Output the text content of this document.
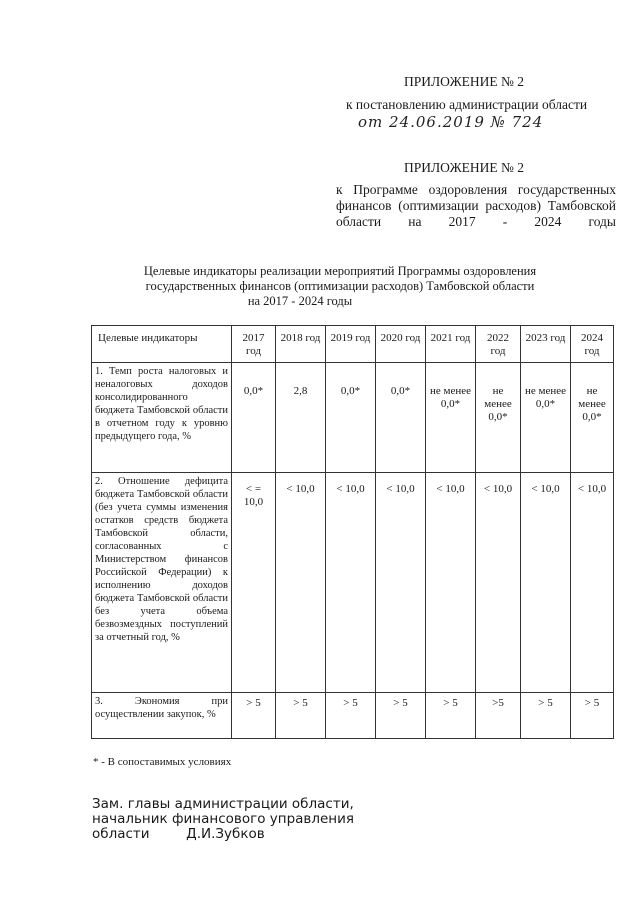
ПРИЛОЖЕНИЕ № 2
к постановлению администрации области
от 24.06.2019 № 724
ПРИЛОЖЕНИЕ № 2
к Программе оздоровления государственных финансов (оптимизации расходов) Тамбовской области на 2017 - 2024 годы
Целевые индикаторы реализации мероприятий Программы оздоровления
государственных финансов (оптимизации расходов) Тамбовской области
на 2017 - 2024 годы
Целевые индикаторы	2017 год	2018 год	2019 год	2020 год	2021 год	2022 год	2023 год	2024 год
1. Темп роста налоговых и неналоговых доходов консолидированного бюджета Тамбовской области в отчетном году к уровню предыдущего года, %	0,0*	2,8	0,0*	0,0*	не менее 0,0*	не менее 0,0*	не менее 0,0*	не менее 0,0*
2. Отношение дефицита бюджета Тамбовской области (без учета суммы изменения остатков средств бюджета Тамбовской области, согласованных с Министерством финансов Российской Федерации) к исполнению доходов бюджета Тамбовской области без учета объема безвозмездных поступлений за отчетный год, %	< = 10,0	< 10,0	< 10,0	< 10,0	< 10,0	< 10,0	< 10,0	< 10,0
3. Экономия при осуществлении закупок, %	> 5	> 5	> 5	> 5	> 5	>5	> 5	> 5
* - В сопоставимых условиях
Зам. главы администрации области,
начальник финансового управления
области	Д.И.Зубков
